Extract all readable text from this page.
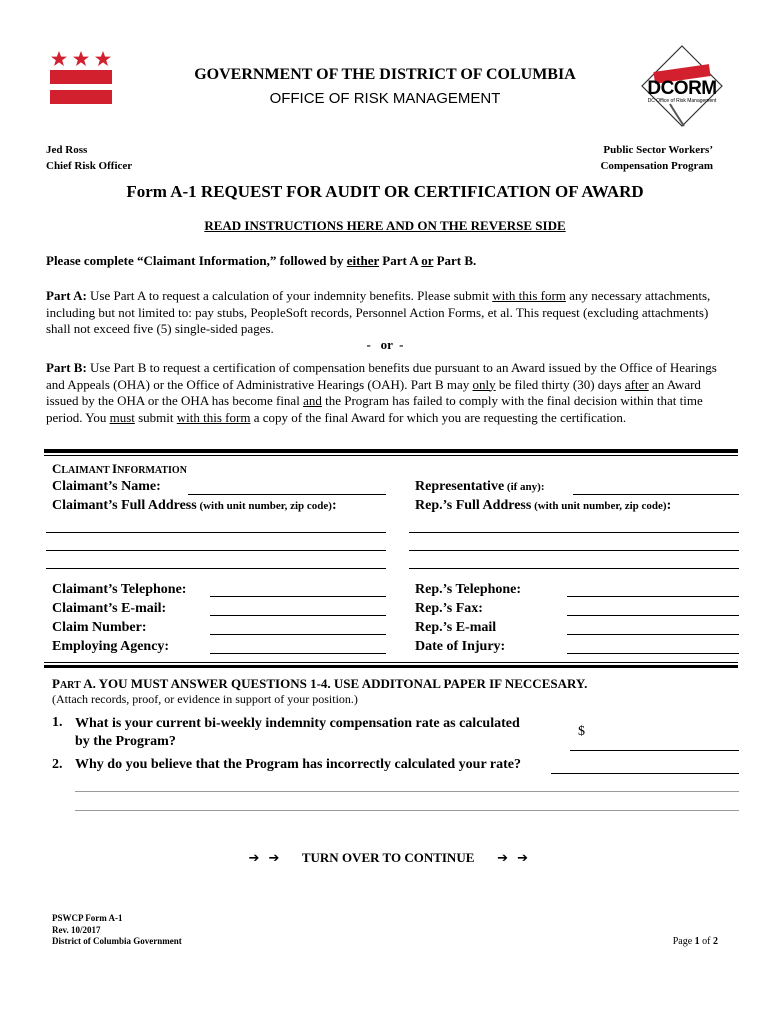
GOVERNMENT OF THE DISTRICT OF COLUMBIA
OFFICE OF RISK MANAGEMENT	DCORM
DC Office of Risk Management
Jed Ross
Chief Risk Officer
Public Sector Workers’
Compensation Program
Form A-1 REQUEST FOR AUDIT OR CERTIFICATION OF AWARD
READ INSTRUCTIONS HERE AND ON THE REVERSE SIDE
Please complete “Claimant Information,” followed by either Part A or Part B.
Part A: Use Part A to request a calculation of your indemnity benefits. Please submit with this form any necessary attachments, including but not limited to: pay stubs, PeopleSoft records, Personnel Action Forms, et al. This request (excluding attachments) shall not exceed five (5) single-sided pages.
-   or  -
Part B: Use Part B to request a certification of compensation benefits due pursuant to an Award issued by the Office of Hearings and Appeals (OHA) or the Office of Administrative Hearings (OAH). Part B may only be filed thirty (30) days after an Award issued by the OHA or the OHA has become final and the Program has failed to comply with the final decision within that time period. You must submit with this form a copy of the final Award for which you are requesting the certification.
CLAIMANT INFORMATION
Claimant’s Name:
Claimant’s Full Address (with unit number, zip code):
Representative (if any):
Rep.’s Full Address (with unit number, zip code):
Claimant’s Telephone:
Claimant’s E-mail:
Claim Number:
Employing Agency:
Rep.’s Telephone:
Rep.’s Fax:
Rep.’s E-mail
Date of Injury:
PART A. YOU MUST ANSWER QUESTIONS 1-4. USE ADDITONAL PAPER IF NECCESARY.
(Attach records, proof, or evidence in support of your position.)
1. What is your current bi-weekly indemnity compensation rate as calculated
by the Program?
$
2. Why do you believe that the Program has incorrectly calculated your rate?

➔  ➔ TURN OVER TO CONTINUE ➔  ➔

PSWCP Form A-1
Rev. 10/2017
District of Columbia Government	Page 1 of 2
